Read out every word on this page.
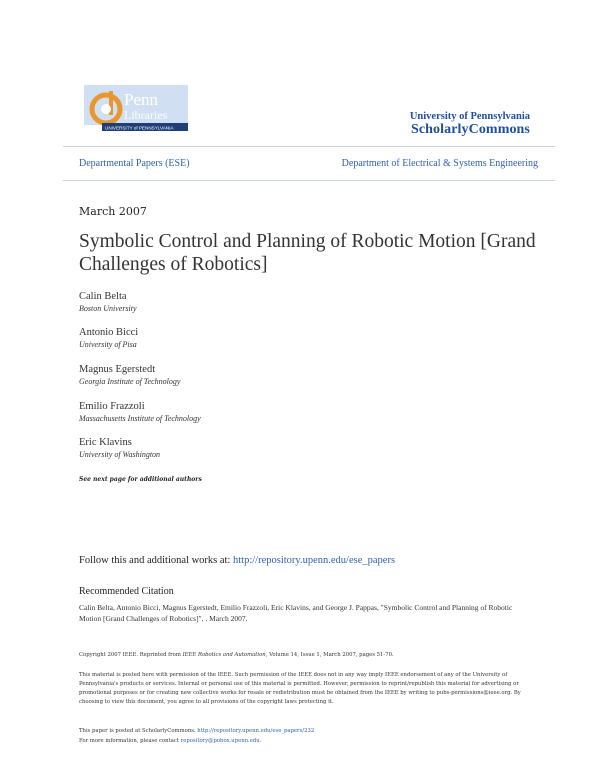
Penn
Libraries
UNIVERSITY of PENNSYLVANIA
University of Pennsylvania
ScholarlyCommons
Departmental Papers (ESE)	Department of Electrical & Systems Engineering
March 2007
Symbolic Control and Planning of Robotic Motion [Grand Challenges of Robotics]
Calin Belta
Boston University
Antonio Bicci
University of Pisa
Magnus Egerstedt
Georgia Institute of Technology
Emilio Frazzoli
Massachusetts Institute of Technology
Eric Klavins
University of Washington
See next page for additional authors
Follow this and additional works at: http://repository.upenn.edu/ese_papers
Recommended Citation
Calin Belta, Antonio Bicci, Magnus Egerstedt, Emilio Frazzoli, Eric Klavins, and George J. Pappas, "Symbolic Control and Planning of Robotic Motion [Grand Challenges of Robotics]", . March 2007.
Copyright 2007 IEEE. Reprinted from IEEE Robotics and Automation, Volume 14, Issue 1, March 2007, pages 51-70.
This material is posted here with permission of the IEEE. Such permission of the IEEE does not in any way imply IEEE endorsement of any of the University of Pennsylvania's products or services. Internal or personal use of this material is permitted. However, permission to reprint/republish this material for advertising or promotional purposes or for creating new collective works for resale or redistribution must be obtained from the IEEE by writing to pubs-permissions@ieee.org. By choosing to view this document, you agree to all provisions of the copyright laws protecting it.
This paper is posted at ScholarlyCommons. http://repository.upenn.edu/ese_papers/232
For more information, please contact repository@pobox.upenn.edu.
